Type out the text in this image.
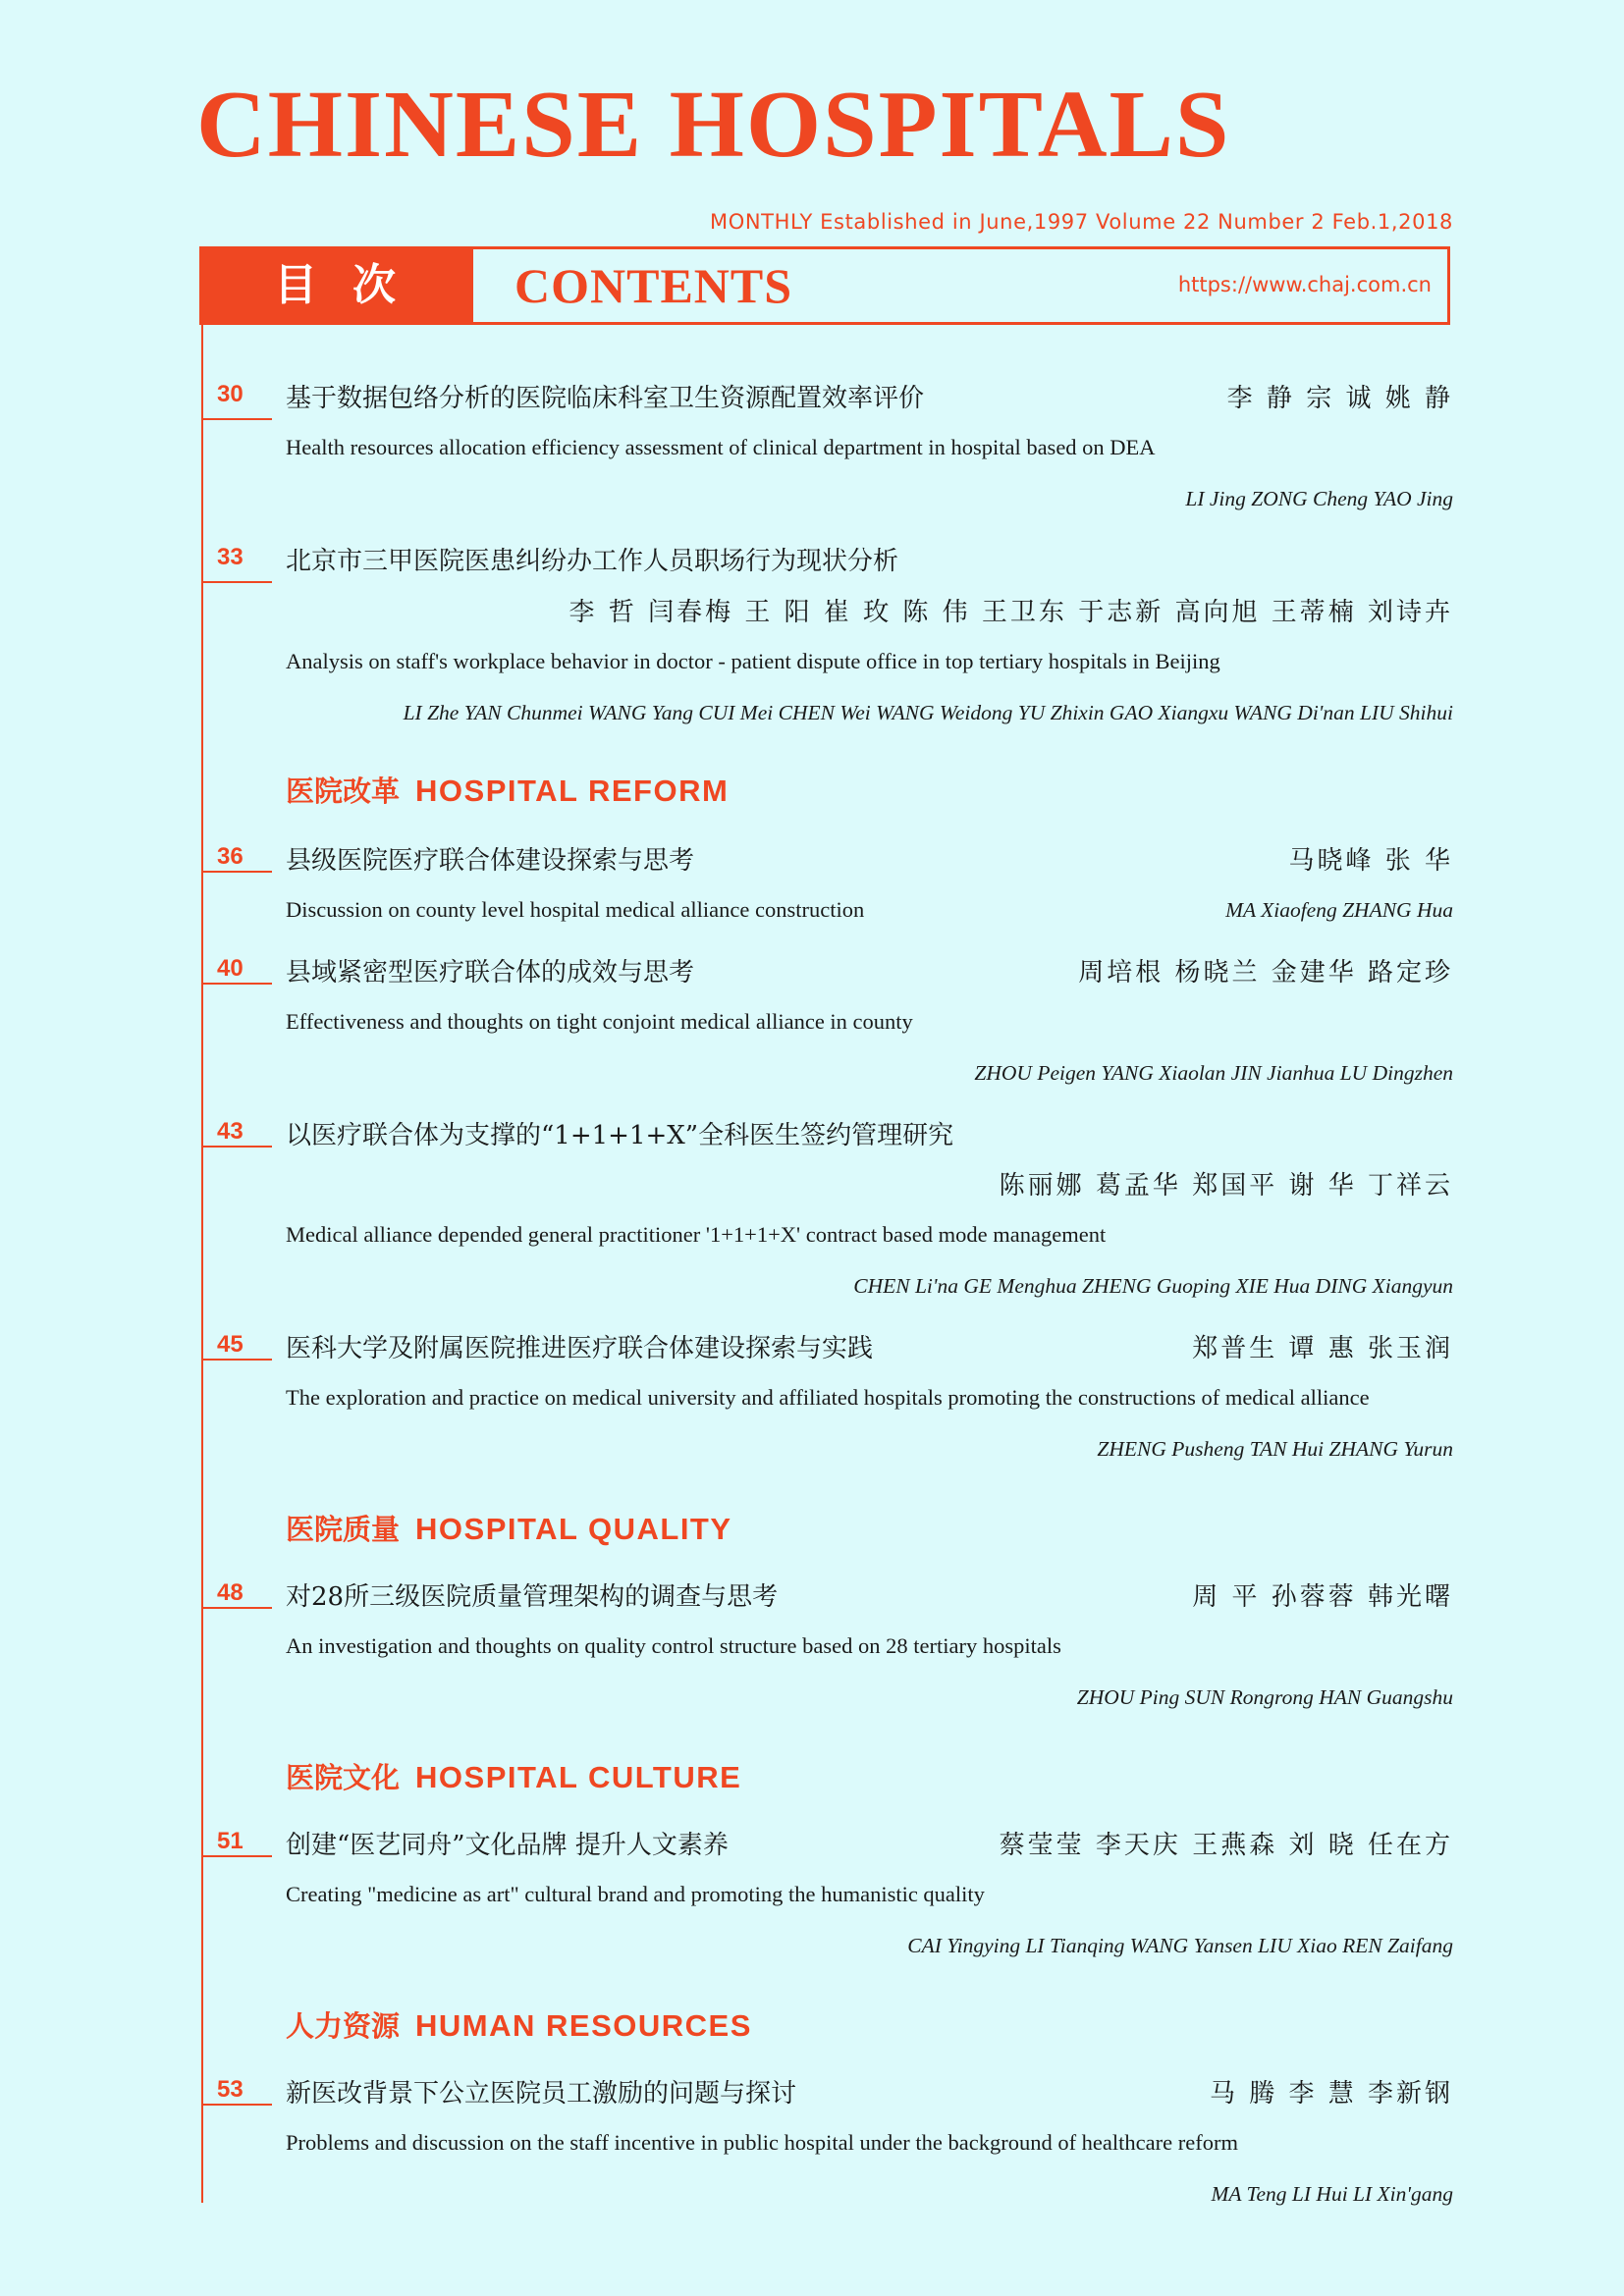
CHINESE HOSPITALS
MONTHLY Established in June,1997 Volume 22 Number 2 Feb.1,2018
目次	CONTENTS	https://www.chaj.com.cn
30	基于数据包络分析的医院临床科室卫生资源配置效率评价	李 静 宗 诚 姚 静
Health resources allocation efficiency assessment of clinical department in hospital based on DEA
LI Jing ZONG Cheng YAO Jing
33	北京市三甲医院医患纠纷办工作人员职场行为现状分析
李 哲 闫春梅 王 阳 崔 玫 陈 伟 王卫东 于志新 高向旭 王蒂楠 刘诗卉
Analysis on staff's workplace behavior in doctor - patient dispute office in top tertiary hospitals in Beijing
LI Zhe YAN Chunmei WANG Yang CUI Mei CHEN Wei WANG Weidong YU Zhixin GAO Xiangxu WANG Di'nan LIU Shihui
医院改革 HOSPITAL REFORM
36	县级医院医疗联合体建设探索与思考	马晓峰 张 华
Discussion on county level hospital medical alliance construction	MA Xiaofeng ZHANG Hua
40	县域紧密型医疗联合体的成效与思考	周培根 杨晓兰 金建华 路定珍
Effectiveness and thoughts on tight conjoint medical alliance in county
ZHOU Peigen YANG Xiaolan JIN Jianhua LU Dingzhen
43	以医疗联合体为支撑的“1+1+1+X”全科医生签约管理研究
陈丽娜 葛孟华 郑国平 谢 华 丁祥云
Medical alliance depended general practitioner '1+1+1+X' contract based mode management
CHEN Li'na GE Menghua ZHENG Guoping XIE Hua DING Xiangyun
45	医科大学及附属医院推进医疗联合体建设探索与实践	郑普生 谭 惠 张玉润
The exploration and practice on medical university and affiliated hospitals promoting the constructions of medical alliance
ZHENG Pusheng TAN Hui ZHANG Yurun
医院质量 HOSPITAL QUALITY
48	对28所三级医院质量管理架构的调查与思考	周 平 孙蓉蓉 韩光曙
An investigation and thoughts on quality control structure based on 28 tertiary hospitals
ZHOU Ping SUN Rongrong HAN Guangshu
医院文化 HOSPITAL CULTURE
51	创建“医艺同舟”文化品牌 提升人文素养	蔡莹莹 李天庆 王燕森 刘 晓 任在方
Creating "medicine as art" cultural brand and promoting the humanistic quality
CAI Yingying LI Tianqing WANG Yansen LIU Xiao REN Zaifang
人力资源 HUMAN RESOURCES
53	新医改背景下公立医院员工激励的问题与探讨	马 腾 李 慧 李新钢
Problems and discussion on the staff incentive in public hospital under the background of healthcare reform
MA Teng LI Hui LI Xin'gang
